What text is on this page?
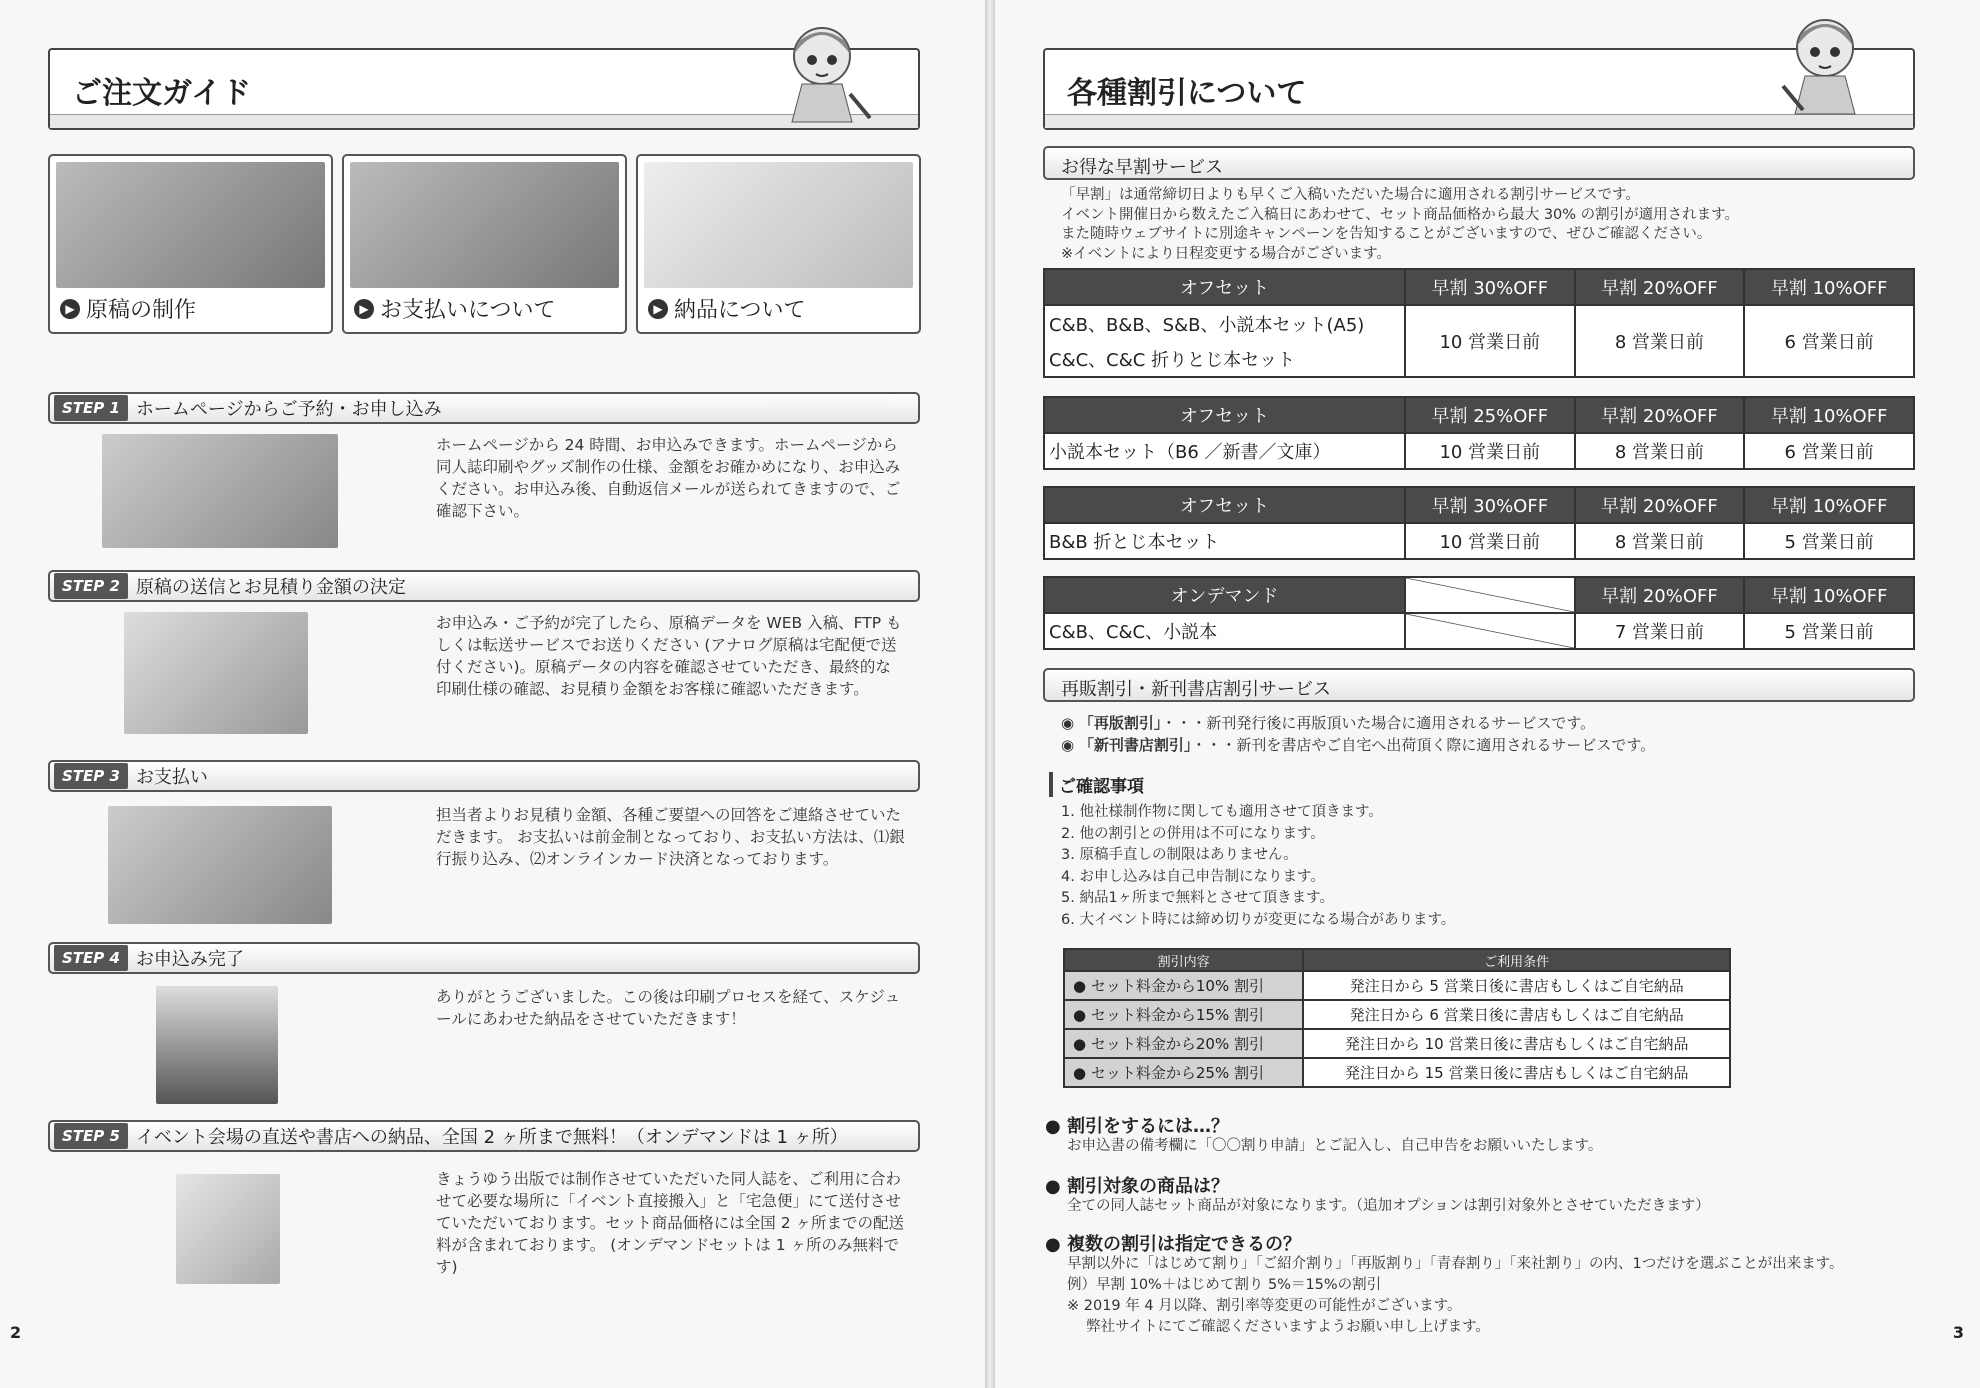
ご注文ガイド
▶ 原稿の制作	▶ お支払いについて	▶ 納品について
STEP 1 ホームページからご予約・お申し込み
ホームページから 24 時間、お申込みできます。ホームページから同人誌印刷やグッズ制作の仕様、金額をお確かめになり、お申込みください。お申込み後、自動返信メールが送られてきますので、ご確認下さい。
STEP 2 原稿の送信とお見積り金額の決定
お申込み・ご予約が完了したら、原稿データを WEB 入稿、FTP もしくは転送サービスでお送りください (アナログ原稿は宅配便で送付ください)。原稿データの内容を確認させていただき、最終的な印刷仕様の確認、お見積り金額をお客様に確認いただきます。
STEP 3 お支払い
担当者よりお見積り金額、各種ご要望への回答をご連絡させていただきます。 お支払いは前金制となっており、お支払い方法は、⑴銀行振り込み、⑵オンラインカード決済となっております。
STEP 4 お申込み完了
ありがとうございました。この後は印刷プロセスを経て、スケジュールにあわせた納品をさせていただきます！
STEP 5 イベント会場の直送や書店への納品、全国 2 ヶ所まで無料！（オンデマンドは 1 ヶ所）
きょうゆう出版では制作させていただいた同人誌を、ご利用に合わせて必要な場所に「イベント直接搬入」と「宅急便」にて送付させていただいております。セット商品価格には全国 2 ヶ所までの配送料が含まれております。 (オンデマンドセットは 1 ヶ所のみ無料です)
2
各種割引について
お得な早割サービス
「早割」は通常締切日よりも早くご入稿いただいた場合に適用される割引サービスです。
イベント開催日から数えたご入稿日にあわせて、セット商品価格から最大 30% の割引が適用されます。
また随時ウェブサイトに別途キャンペーンを告知することがございますので、ぜひご確認ください。
※イベントにより日程変更する場合がございます。
オフセット	早割 30%OFF	早割 20%OFF	早割 10%OFF
C&B、B&B、S&B、小説本セット(A5)	10 営業日前	8 営業日前	6 営業日前
C&C、C&C 折りとじ本セット			
オフセット	早割 25%OFF	早割 20%OFF	早割 10%OFF
小説本セット（B6 ／新書／文庫）	10 営業日前	8 営業日前	6 営業日前
オフセット	早割 30%OFF	早割 20%OFF	早割 10%OFF
B&B 折とじ本セット	10 営業日前	8 営業日前	5 営業日前
オンデマンド		早割 20%OFF	早割 10%OFF
C&B、C&C、小説本		7 営業日前	5 営業日前
再販割引・新刊書店割引サービス
◉ 「再版割引」・・・新刊発行後に再版頂いた場合に適用されるサービスです。
◉ 「新刊書店割引」・・・新刊を書店やご自宅へ出荷頂く際に適用されるサービスです。
ご確認事項
1. 他社様制作物に関しても適用させて頂きます。
2. 他の割引との併用は不可になります。
3. 原稿手直しの制限はありません。
4. お申し込みは自己申告制になります。
5. 納品1ヶ所まで無料とさせて頂きます。
6. 大イベント時には締め切りが変更になる場合があります。
割引内容	ご利用条件
● セット料金から10% 割引	発注日から 5 営業日後に書店もしくはご自宅納品
● セット料金から15% 割引	発注日から 6 営業日後に書店もしくはご自宅納品
● セット料金から20% 割引	発注日から 10 営業日後に書店もしくはご自宅納品
● セット料金から25% 割引	発注日から 15 営業日後に書店もしくはご自宅納品
● 割引をするには…？
お申込書の備考欄に「〇〇割り申請」とご記入し、自己申告をお願いいたします。
● 割引対象の商品は？
全ての同人誌セット商品が対象になります。（追加オプションは割引対象外とさせていただきます）
● 複数の割引は指定できるの？
早割以外に「はじめて割り」「ご紹介割り」「再版割り」「青春割り」「来社割り」の内、1つだけを選ぶことが出来ます。
例）早割 10%＋はじめて割り 5%＝15%の割引
※ 2019 年 4 月以降、割引率等変更の可能性がございます。
　 弊社サイトにてご確認くださいますようお願い申し上げます。	3
